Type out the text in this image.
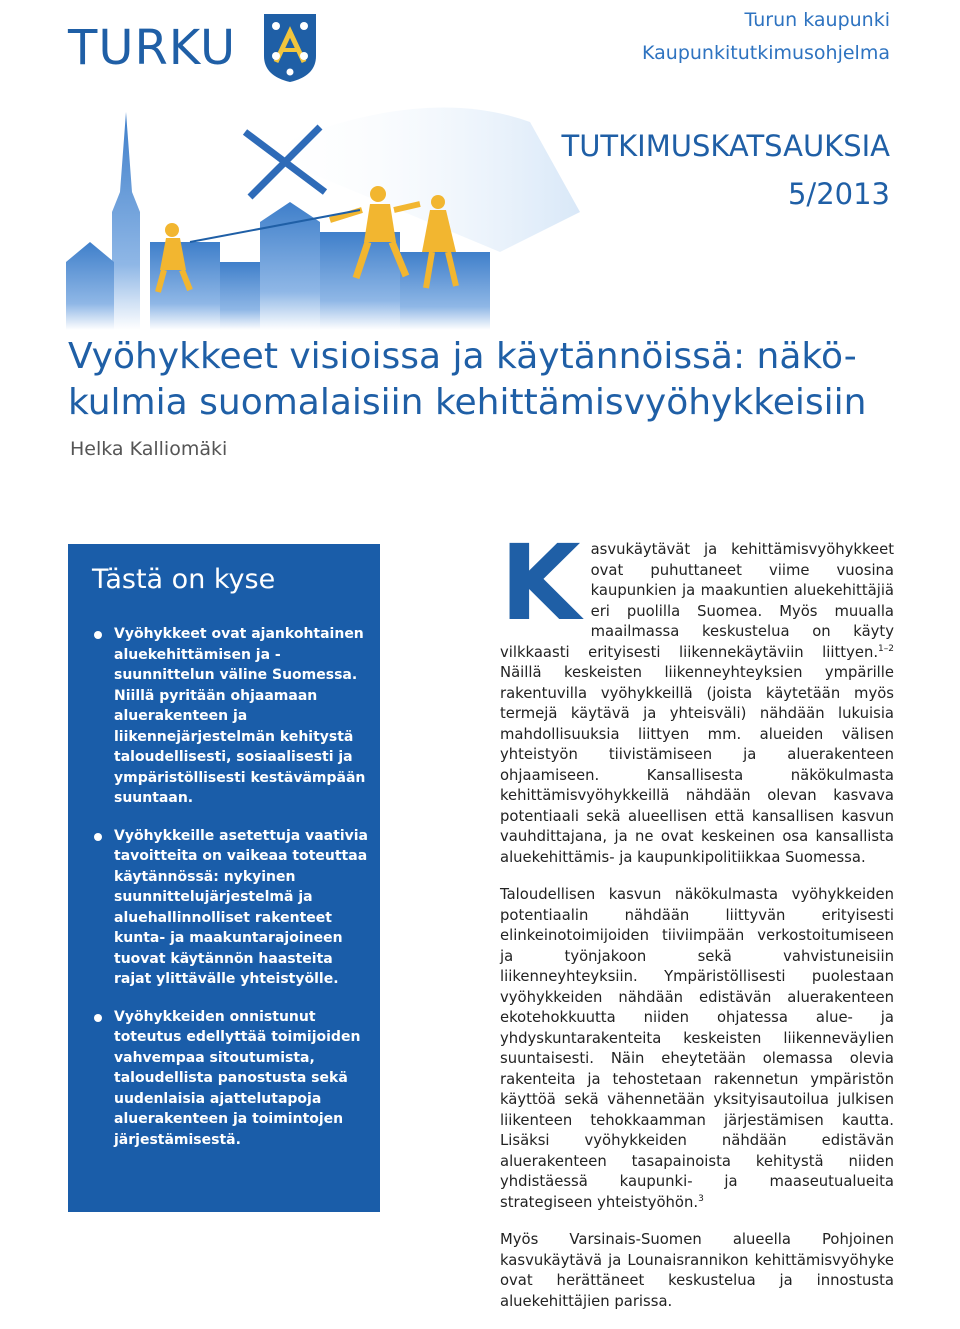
TURKU	Turun kaupunki
Kaupunkitutkimusohjelma
TUTKIMUSKATSAUKSIA
5/2013
Vyöhykkeet visioissa ja käytännöissä: näkö-
kulmia suomalaisiin kehittämisvyöhykkeisiin
Helka Kalliomäki
Tästä on kyse
Vyöhykkeet ovat ajankohtainen aluekehittämisen ja -suunnittelun väline Suomessa. Niillä pyritään ohjaamaan aluerakenteen ja liikennejärjestelmän kehitystä taloudellisesti, sosiaalisesti ja ympäristöllisesti kestävämpään suuntaan.
Vyöhykkeille asetettuja vaativia tavoitteita on vaikeaa toteuttaa käytännössä: nykyinen suunnittelujärjestelmä ja aluehallinnolliset rakenteet kunta- ja maakuntarajoineen tuovat käytännön haasteita rajat ylittävälle yhteistyölle.
Vyöhykkeiden onnistunut toteutus edellyttää toimijoiden vahvempaa sitoutumista, taloudellista panostusta sekä uudenlaisia ajattelutapoja aluerakenteen ja toimintojen järjestämisestä.

K asvukäytävät ja kehittämisvyöhykkeet ovat puhuttaneet viime vuosina kaupunkien ja maakuntien aluekehittäjiä eri puolilla Suomea. Myös muualla maailmassa keskustelua on käyty vilkkaasti erityisesti liikennekäytäviin liittyen.$^{1-2}$ Näillä keskeisten liikenneyhteyksien ympärille rakentuvilla vyöhykkeillä (joista käytetään myös termejä käytävä ja yhteisväli) nähdään lukuisia mahdollisuuksia liittyen mm. alueiden välisen yhteistyön tiivistämiseen ja aluerakenteen ohjaamiseen. Kansallisesta näkökulmasta kehittämisvyöhykkeillä nähdään olevan kasvava potentiaali sekä alueellisen että kansallisen kasvun vauhdittajana, ja ne ovat keskeinen osa kansallista aluekehittämis- ja kaupunkipolitiikkaa Suomessa.

Taloudellisen kasvun näkökulmasta vyöhykkeiden potentiaalin nähdään liittyvän erityisesti elinkeinotoimijoiden tiiviimpään verkostoitumiseen ja työnjakoon sekä vahvistuneisiin liikenneyhteyksiin. Ympäristöllisesti puolestaan vyöhykkeiden nähdään edistävän aluerakenteen ekotehokkuutta niiden ohjatessa alue- ja yhdyskuntarakenteita keskeisten liikenneväylien suuntaisesti. Näin eheytetään olemassa olevia rakenteita ja tehostetaan rakennetun ympäristön käyttöä sekä vähennetään yksityisautoilua julkisen liikenteen tehokkaamman järjestämisen kautta. Lisäksi vyöhykkeiden nähdään edistävän aluerakenteen tasapainoista kehitystä niiden yhdistäessä kaupunki- ja maaseutualueita strategiseen yhteistyöhön.$^3$

Myös Varsinais-Suomen alueella Pohjoinen kasvukäytävä ja Lounaisrannikon kehittämisvyöhyke ovat herättäneet keskustelua ja innostusta aluekehittäjien parissa.
